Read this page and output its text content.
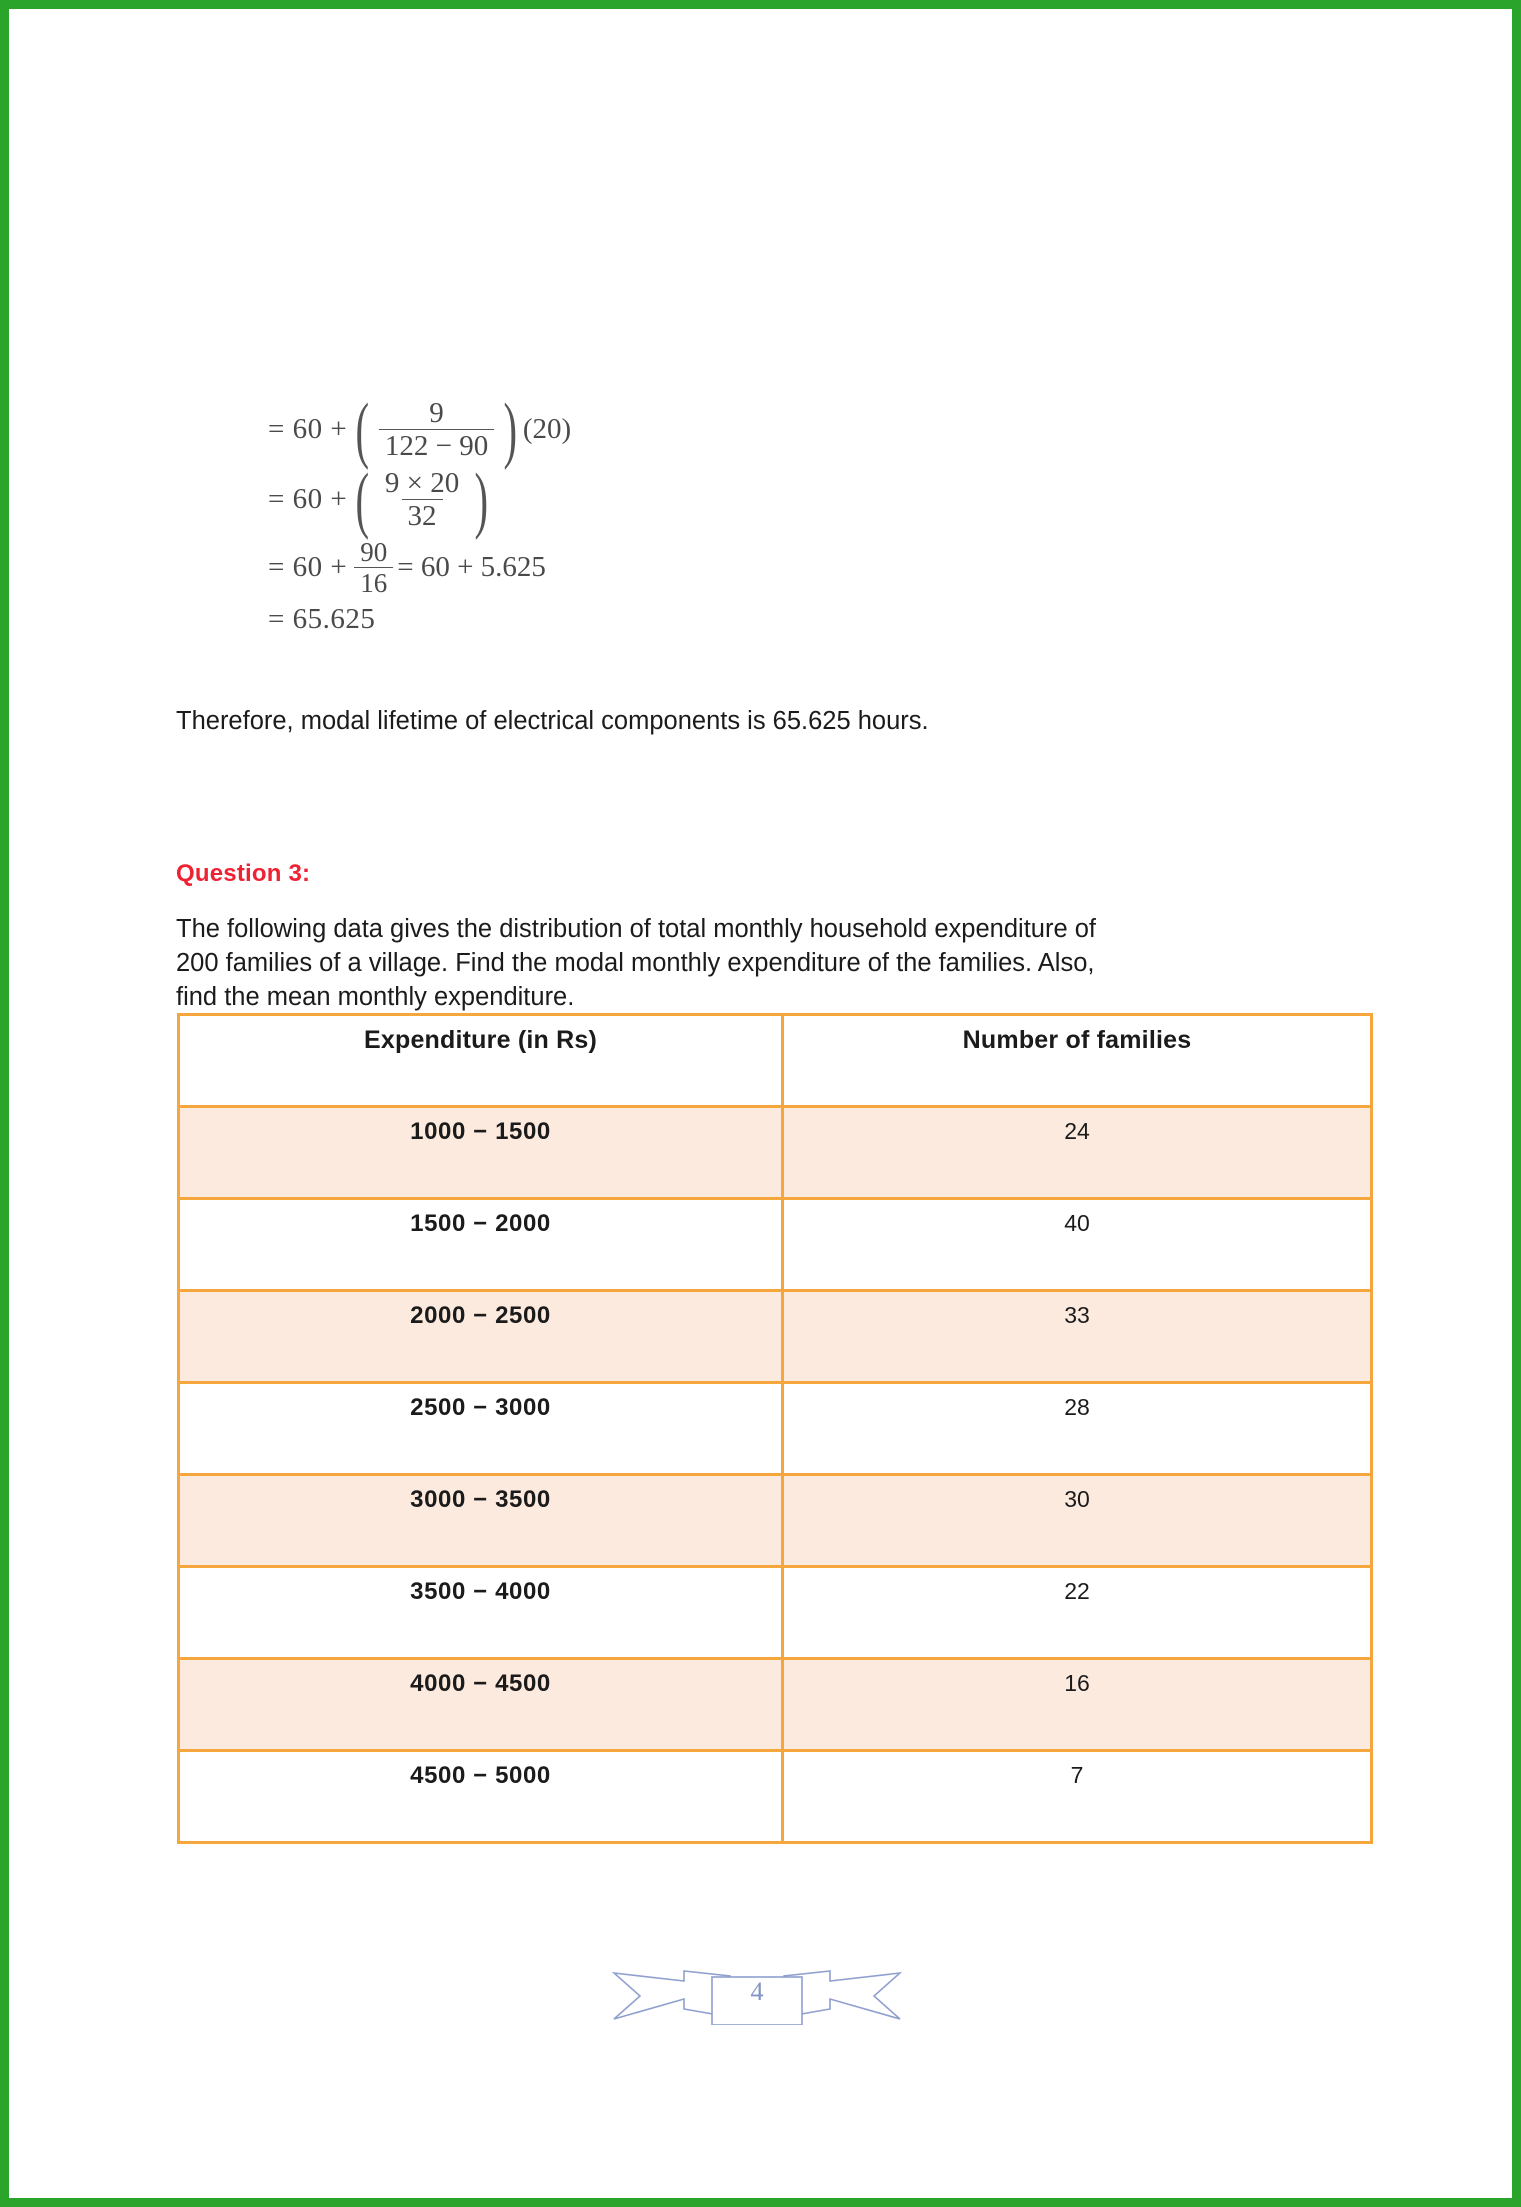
= 60 + ( $\frac{9}{122 - 90}$ ) (20)
= 60 + ( $\frac{9 \times 20}{32}$ )
= $60 + \frac{90}{16} = 60 + 5.625$
= 65.625
Therefore, modal lifetime of electrical components is 65.625 hours.
Question 3:
The following data gives the distribution of total monthly household expenditure of 200 families of a village. Find the modal monthly expenditure of the families. Also, find the mean monthly expenditure.
Expenditure (in Rs)	Number of families
1000 − 1500	24
1500 − 2000	40
2000 − 2500	33
2500 − 3000	28
3000 − 3500	30
3500 − 4000	22
4000 − 4500	16
4500 − 5000	7
4
